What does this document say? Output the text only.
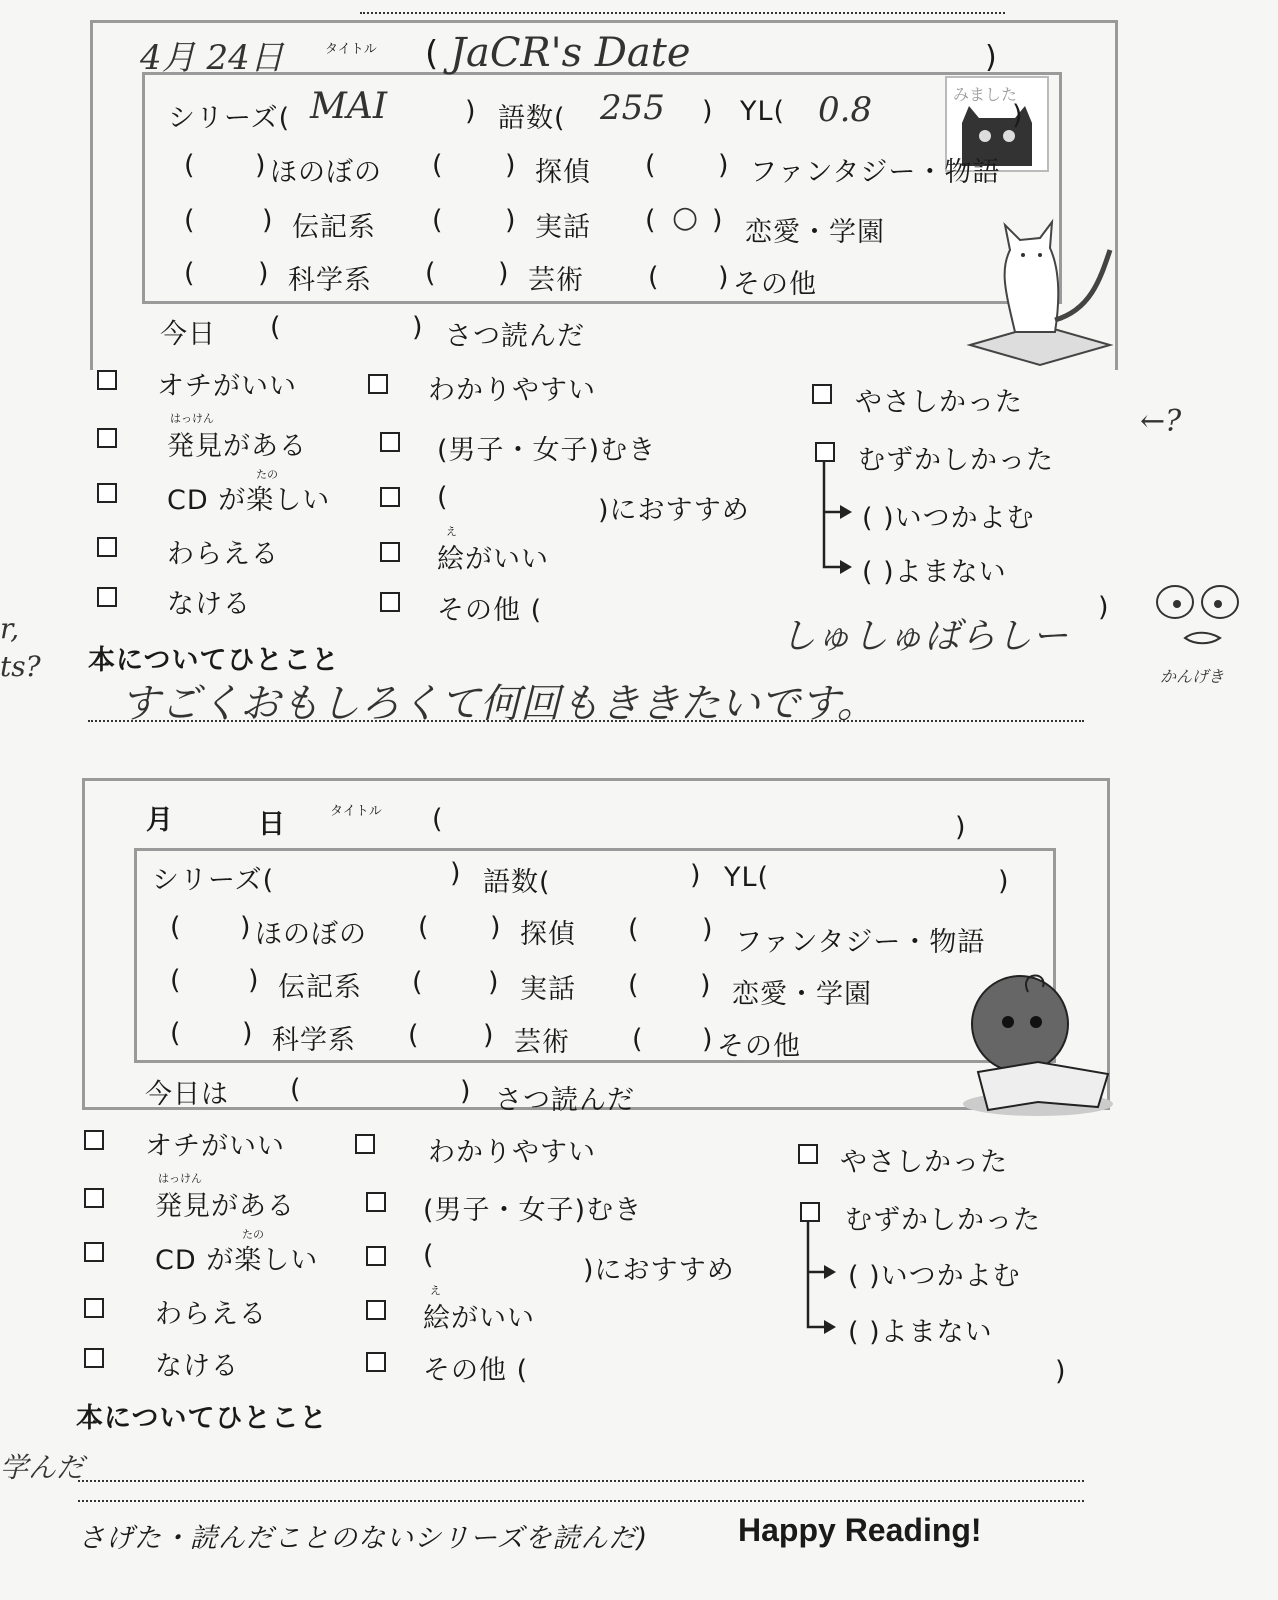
4月 24日	タイトル ( JaCR's Date	)
みました
シリーズ( MAI	) 語数( 255 ) YL( 0.8	)
( ) ほのぼの ( ) 探偵 ( ) ファンタジー・物語
( ) 伝記系 ( ) 実話 ( ○ ) 恋愛・学園
( ) 科学系 ( ) 芸術 ( ) その他
今日 (	) さつ読んだ
オチがいい
はっけん
発見がある
たの
CD が楽しい
わらえる
なける
わかりやすい
(男子・女子)むき
(	)におすすめ
え
絵がいい
その他 (
しゅしゅばらしー
)
やさしかった
むずかしかった
( )いつかよむ
( )よまない
←?
かんげき
r,
ts? 本についてひとこと
すごくおもしろくて何回もききたいです。
月	日	タイトル (	)
シリーズ(	) 語数(	) YL(	)
( ) ほのぼの ( ) 探偵 ( ) ファンタジー・物語
( ) 伝記系 ( ) 実話 ( ) 恋愛・学園
( ) 科学系 ( ) 芸術 ( ) その他
今日は (	) さつ読んだ
オチがいい
はっけん
発見がある
たの
CD が楽しい
わらえる
なける
わかりやすい
(男子・女子)むき
(	)におすすめ
え
絵がいい
その他 (	)
やさしかった
むずかしかった
( )いつかよむ
( )よまない
本についてひとこと
学んだ
さげた・読んだことのないシリーズを読んだ)	Happy Reading!
